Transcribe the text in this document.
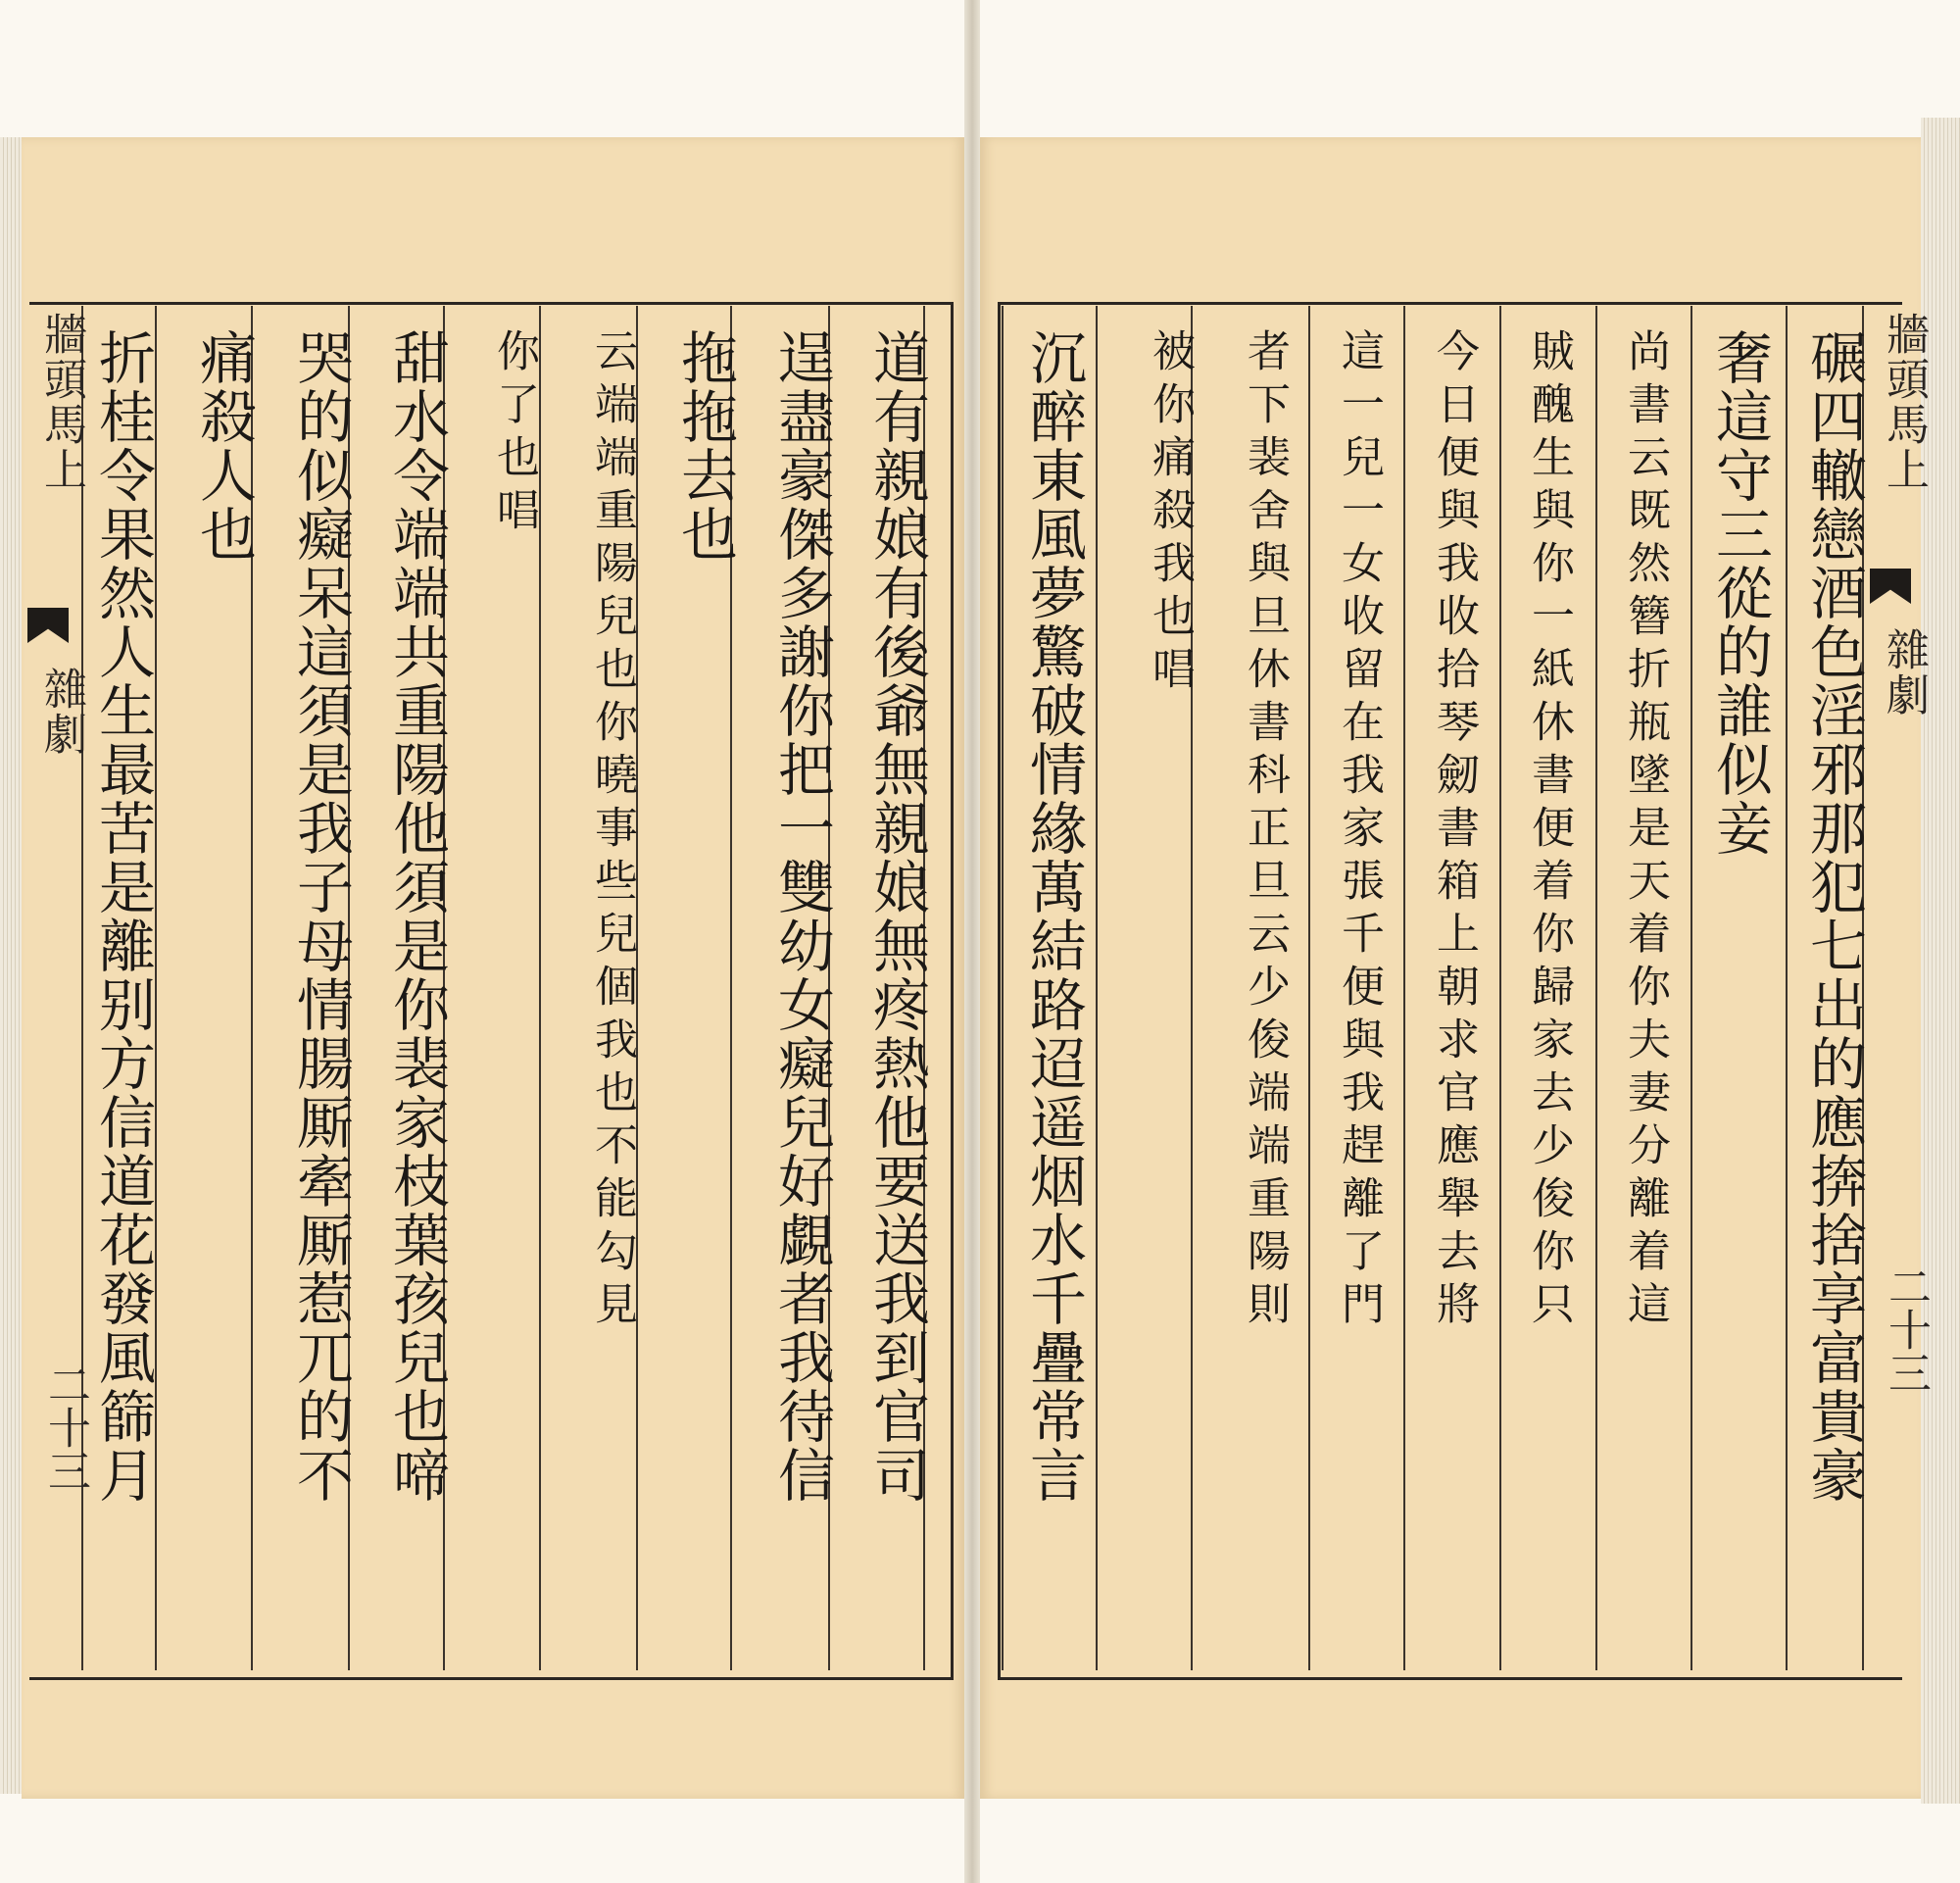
牆頭馬上
雜劇	道有親娘有後爺無親娘無疼熱他要送我到官司
逞盡豪傑多謝你把一雙幼女癡兒好覷者我待信
拖拖去也
云端端重陽兒也你曉事些兒個我也不能勾見
你了也唱
甜水令端端共重陽他須是你裴家枝葉孩兒也啼
哭的似癡呆這須是我子母情腸厮牽厮惹兀的不
痛殺人也
折桂令果然人生最苦是離别方信道花發風篩月	碾四轍戀酒色淫邪那犯七出的應捹捨享富貴豪
奢這守三從的誰似妾
尚書云既然簪折瓶墜是天着你夫妻分離着這
賊醜生與你一紙休書便着你歸家去少俊你只
今日便與我收拾琴劒書箱上朝求官應舉去將
這一兒一女收留在我家張千便與我趕離了門
者下裴舍與旦休書科正旦云少俊端端重陽則
被你痛殺我也唱
沉醉東風夢驚破情緣萬結路迢遥烟水千疊常言	牆頭馬上
雜劇
二十三
二十三
